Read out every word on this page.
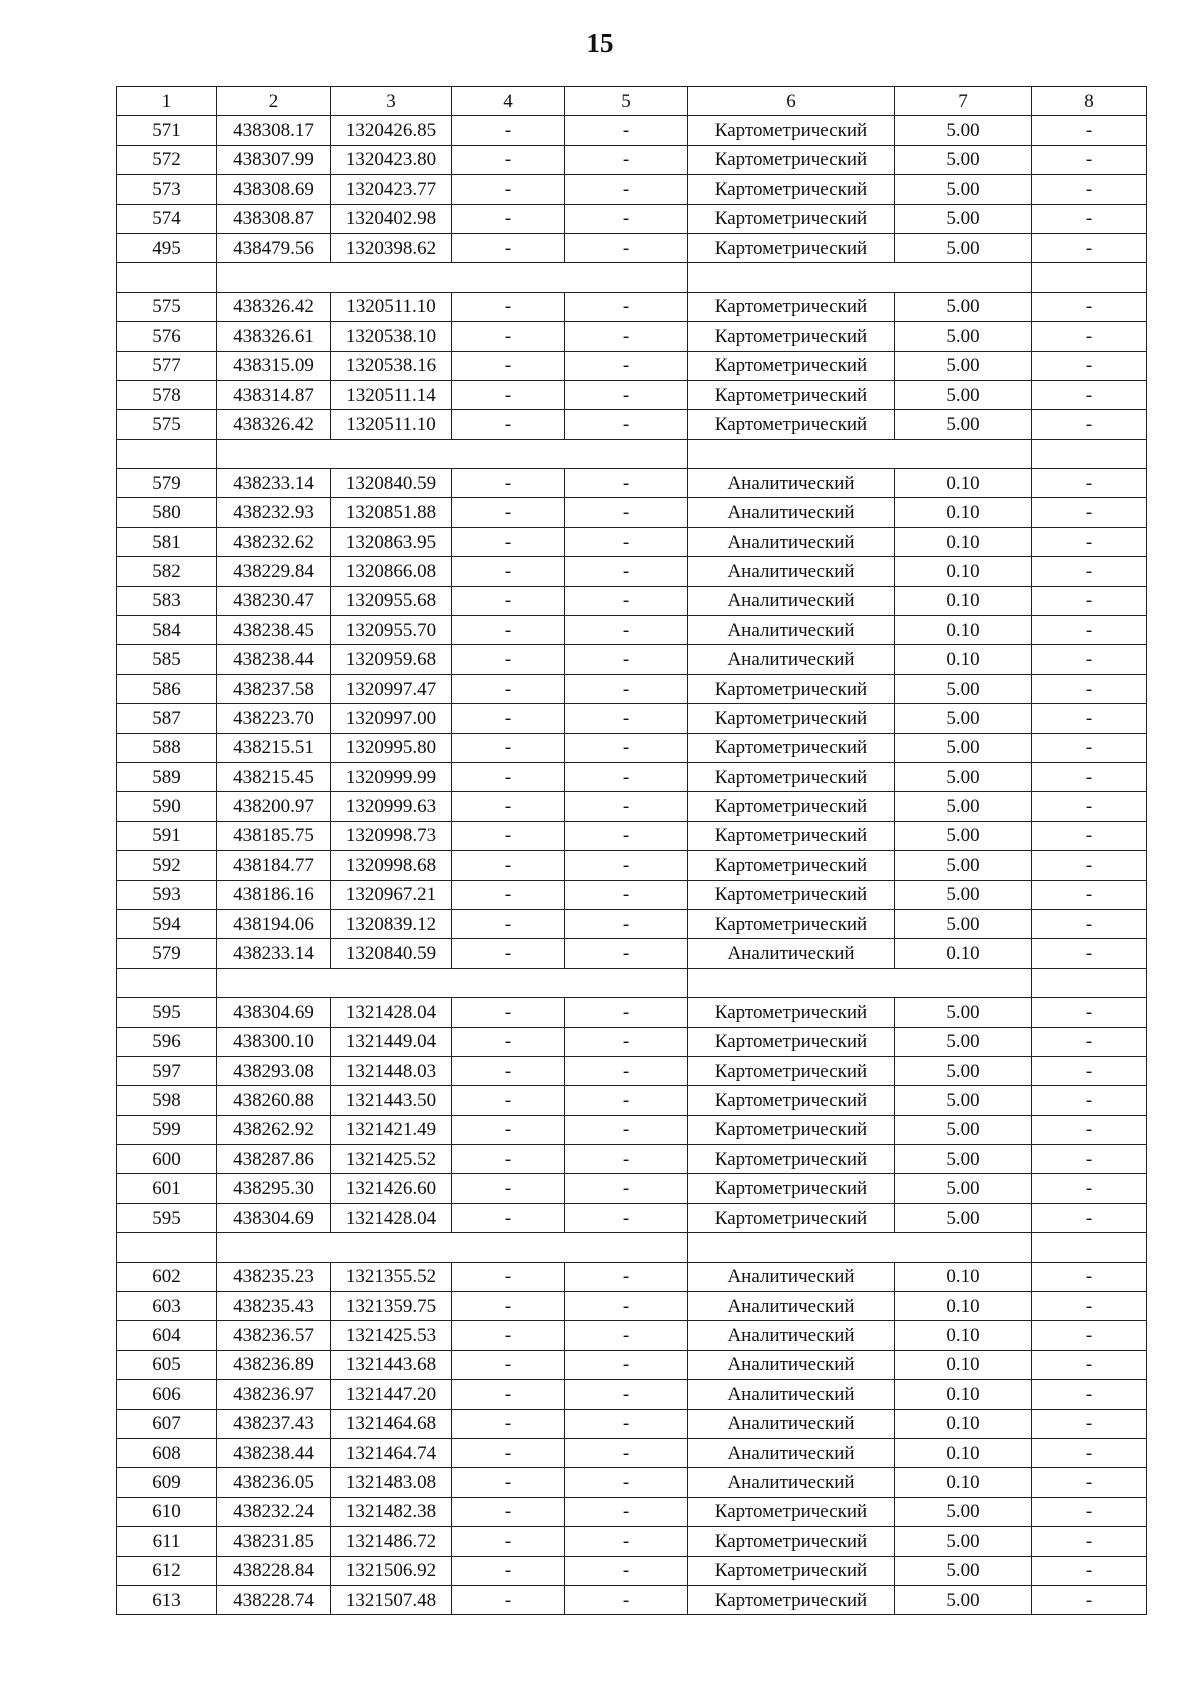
15
1	2	3	4	5	6	7	8
571	438308.17	1320426.85	-	-	Картометрический	5.00	-
572	438307.99	1320423.80	-	-	Картометрический	5.00	-
573	438308.69	1320423.77	-	-	Картометрический	5.00	-
574	438308.87	1320402.98	-	-	Картометрический	5.00	-
495	438479.56	1320398.62	-	-	Картометрический	5.00	-

575	438326.42	1320511.10	-	-	Картометрический	5.00	-
576	438326.61	1320538.10	-	-	Картометрический	5.00	-
577	438315.09	1320538.16	-	-	Картометрический	5.00	-
578	438314.87	1320511.14	-	-	Картометрический	5.00	-
575	438326.42	1320511.10	-	-	Картометрический	5.00	-

579	438233.14	1320840.59	-	-	Аналитический	0.10	-
580	438232.93	1320851.88	-	-	Аналитический	0.10	-
581	438232.62	1320863.95	-	-	Аналитический	0.10	-
582	438229.84	1320866.08	-	-	Аналитический	0.10	-
583	438230.47	1320955.68	-	-	Аналитический	0.10	-
584	438238.45	1320955.70	-	-	Аналитический	0.10	-
585	438238.44	1320959.68	-	-	Аналитический	0.10	-
586	438237.58	1320997.47	-	-	Картометрический	5.00	-
587	438223.70	1320997.00	-	-	Картометрический	5.00	-
588	438215.51	1320995.80	-	-	Картометрический	5.00	-
589	438215.45	1320999.99	-	-	Картометрический	5.00	-
590	438200.97	1320999.63	-	-	Картометрический	5.00	-
591	438185.75	1320998.73	-	-	Картометрический	5.00	-
592	438184.77	1320998.68	-	-	Картометрический	5.00	-
593	438186.16	1320967.21	-	-	Картометрический	5.00	-
594	438194.06	1320839.12	-	-	Картометрический	5.00	-
579	438233.14	1320840.59	-	-	Аналитический	0.10	-

595	438304.69	1321428.04	-	-	Картометрический	5.00	-
596	438300.10	1321449.04	-	-	Картометрический	5.00	-
597	438293.08	1321448.03	-	-	Картометрический	5.00	-
598	438260.88	1321443.50	-	-	Картометрический	5.00	-
599	438262.92	1321421.49	-	-	Картометрический	5.00	-
600	438287.86	1321425.52	-	-	Картометрический	5.00	-
601	438295.30	1321426.60	-	-	Картометрический	5.00	-
595	438304.69	1321428.04	-	-	Картометрический	5.00	-

602	438235.23	1321355.52	-	-	Аналитический	0.10	-
603	438235.43	1321359.75	-	-	Аналитический	0.10	-
604	438236.57	1321425.53	-	-	Аналитический	0.10	-
605	438236.89	1321443.68	-	-	Аналитический	0.10	-
606	438236.97	1321447.20	-	-	Аналитический	0.10	-
607	438237.43	1321464.68	-	-	Аналитический	0.10	-
608	438238.44	1321464.74	-	-	Аналитический	0.10	-
609	438236.05	1321483.08	-	-	Аналитический	0.10	-
610	438232.24	1321482.38	-	-	Картометрический	5.00	-
611	438231.85	1321486.72	-	-	Картометрический	5.00	-
612	438228.84	1321506.92	-	-	Картометрический	5.00	-
613	438228.74	1321507.48	-	-	Картометрический	5.00	-
